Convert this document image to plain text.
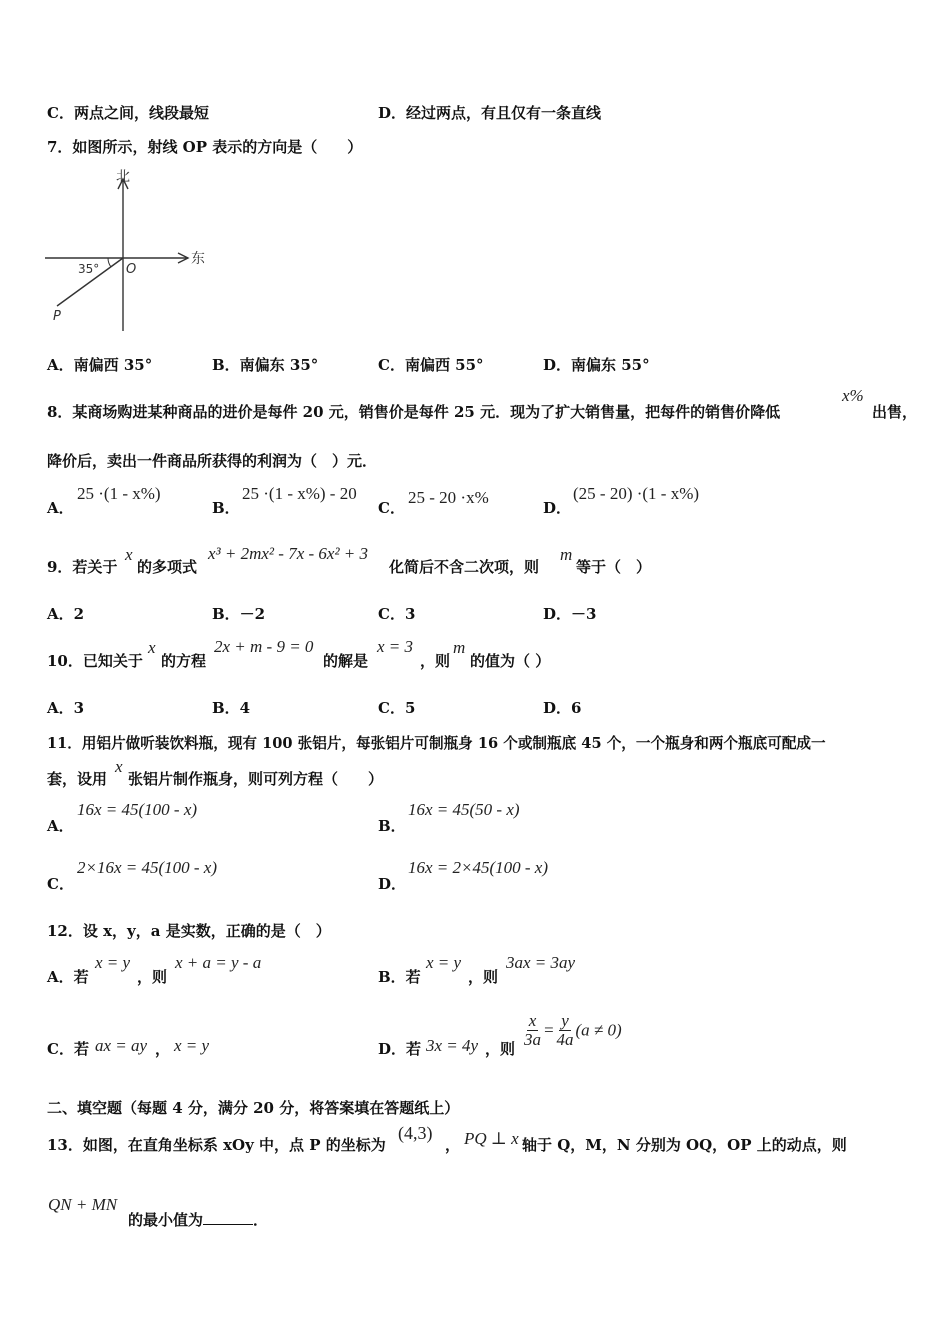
C．两点之间，线段最短	D．经过两点，有且仅有一条直线
7．如图所示，射线 OP 表示的方向是（　　）
北
东
O
P
35°
A．南偏西 35°	B．南偏东 35°	C．南偏西 55°	D．南偏东 55°
8．某商场购进某种商品的进价是每件 20 元，销售价是每件 25 元．现为了扩大销售量，把每件的销售价降低
x%
出售，
降价后，卖出一件商品所获得的利润为（　）元．
A．
25 ·(1 - x%)
B．
25 ·(1 - x%) - 20
C．
25 - 20 ·x%
D．
(25 - 20) ·(1 - x%)
9．若关于
x
的多项式
x³ + 2mx² - 7x - 6x² + 3
化简后不含二次项，则
m
等于（　）
A．2	B．－2	C．3	D．－3
10．已知关于
x
的方程
2x + m - 9 = 0
的解是
x = 3
，则
m
的值为（ ）
A．3	B．4	C．5	D．6
11．用铝片做听装饮料瓶，现有 100 张铝片，每张铝片可制瓶身 16 个或制瓶底 45 个，一个瓶身和两个瓶底可配成一
套，设用
x
张铝片制作瓶身，则可列方程（　　）
A．
16x = 45(100 - x)
B．
16x = 45(50 - x)
C．
2×16x = 45(100 - x)
D．
16x = 2×45(100 - x)
12．设 x，y，a 是实数，正确的是（　）
A．若
x = y
，则
x + a = y - a
B．若
x = y
，则
3ax = 3ay
C．若 ax = ay ， x = y	D．若 3x = 4y ，则
$\frac{x}{3a} = \frac{y}{4a} (a \ne 0)$
二、填空题（每题 4 分，满分 20 分，将答案填在答题纸上）
13．如图，在直角坐标系 xOy 中，点 P 的坐标为
(4,3)
， PQ ⊥ x 轴于 Q，M，N 分别为 OQ，OP 上的动点，则
QN + MN
的最小值为	．
